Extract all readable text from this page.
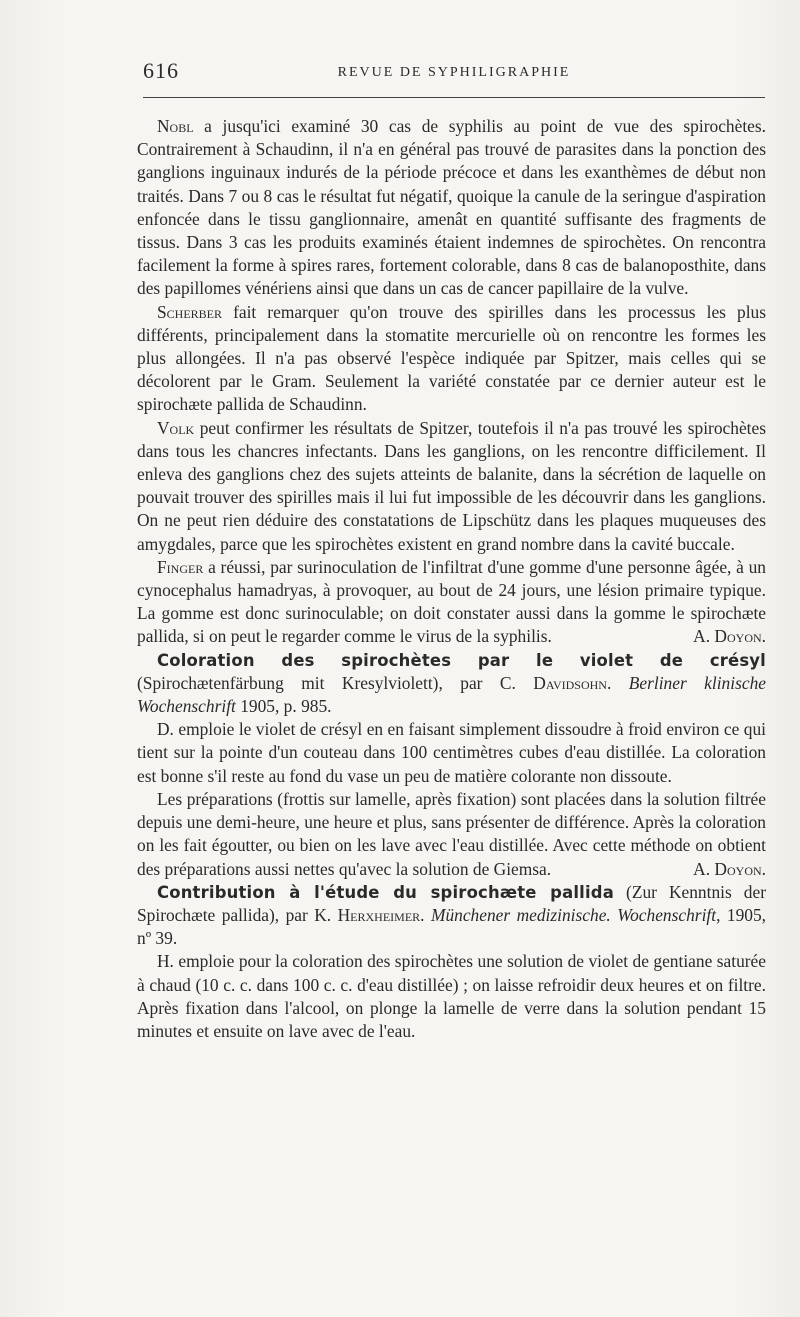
616	REVUE DE SYPHILIGRAPHIE

Nobl a jusqu'ici examiné 30 cas de syphilis au point de vue des spirochètes. Contrairement à Schaudinn, il n'a en général pas trouvé de parasites dans la ponction des ganglions inguinaux indurés de la période précoce et dans les exanthèmes de début non traités. Dans 7 ou 8 cas le résultat fut négatif, quoique la canule de la seringue d'aspiration enfoncée dans le tissu ganglionnaire, amenât en quantité suffisante des fragments de tissus. Dans 3 cas les produits examinés étaient indemnes de spirochètes. On rencontra facilement la forme à spires rares, fortement colorable, dans 8 cas de balanoposthite, dans des papillomes vénériens ainsi que dans un cas de cancer papillaire de la vulve.

Scherber fait remarquer qu'on trouve des spirilles dans les processus les plus différents, principalement dans la stomatite mercurielle où on rencontre les formes les plus allongées. Il n'a pas observé l'espèce indiquée par Spitzer, mais celles qui se décolorent par le Gram. Seulement la variété constatée par ce dernier auteur est le spirochæte pallida de Schaudinn.

Volk peut confirmer les résultats de Spitzer, toutefois il n'a pas trouvé les spirochètes dans tous les chancres infectants. Dans les ganglions, on les rencontre difficilement. Il enleva des ganglions chez des sujets atteints de balanite, dans la sécrétion de laquelle on pouvait trouver des spirilles mais il lui fut impossible de les découvrir dans les ganglions. On ne peut rien déduire des constatations de Lipschütz dans les plaques muqueuses des amygdales, parce que les spirochètes existent en grand nombre dans la cavité buccale.

Finger a réussi, par surinoculation de l'infiltrat d'une gomme d'une personne âgée, à un cynocephalus hamadryas, à provoquer, au bout de 24 jours, une lésion primaire typique. La gomme est donc surinoculable; on doit constater aussi dans la gomme le spirochæte pallida, si on peut le regarder comme le virus de la syphilis.	A. Doyon.

Coloration des spirochètes par le violet de crésyl (Spirochætenfärbung mit Kresylviolett), par C. Davidsohn. Berliner klinische Wochenschrift 1905, p. 985.

D. emploie le violet de crésyl en en faisant simplement dissoudre à froid environ ce qui tient sur la pointe d'un couteau dans 100 centimètres cubes d'eau distillée. La coloration est bonne s'il reste au fond du vase un peu de matière colorante non dissoute.

Les préparations (frottis sur lamelle, après fixation) sont placées dans la solution filtrée depuis une demi-heure, une heure et plus, sans présenter de différence. Après la coloration on les fait égoutter, ou bien on les lave avec l'eau distillée. Avec cette méthode on obtient des préparations aussi nettes qu'avec la solution de Giemsa.	A. Doyon.

Contribution à l'étude du spirochæte pallida (Zur Kenntnis der Spirochæte pallida), par K. Herxheimer. Münchener medizinische. Wochenschrift, 1905, nº 39.

H. emploie pour la coloration des spirochètes une solution de violet de gentiane saturée à chaud (10 c. c. dans 100 c. c. d'eau distillée) ; on laisse refroidir deux heures et on filtre. Après fixation dans l'alcool, on plonge la lamelle de verre dans la solution pendant 15 minutes et ensuite on lave avec de l'eau.
